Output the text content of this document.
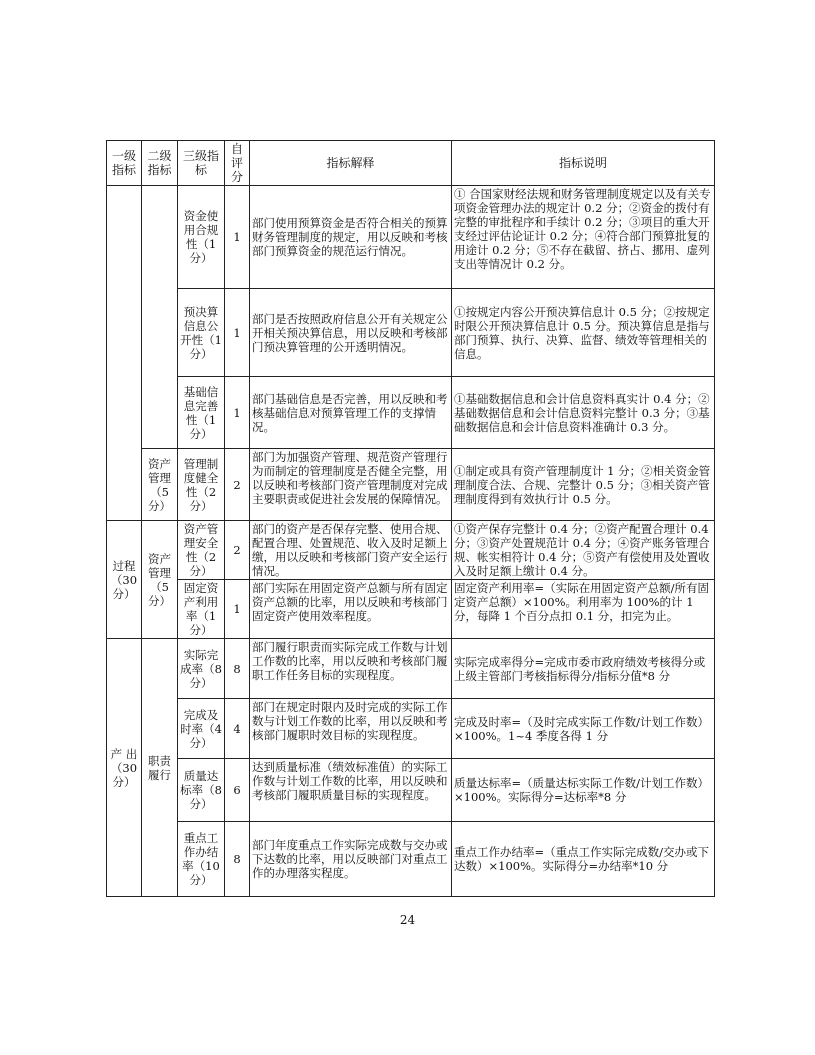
一级指标	二级指标	三级指标	自评分	指标解释	指标说明
		资金使用合规性（1分）	1	部门使用预算资金是否符合相关的预算财务管理制度的规定，用以反映和考核部门预算资金的规范运行情况。	① 合国家财经法规和财务管理制度规定以及有关专项资金管理办法的规定计 0.2 分；②资金的拨付有完整的审批程序和手续计 0.2 分；③项目的重大开支经过评估论证计 0.2 分；④符合部门预算批复的用途计 0.2 分；⑤不存在截留、挤占、挪用、虚列支出等情况计 0.2 分。
		预决算信息公开性（1分）	1	部门是否按照政府信息公开有关规定公开相关预决算信息，用以反映和考核部门预决算管理的公开透明情况。	①按规定内容公开预决算信息计 0.5 分；②按规定时限公开预决算信息计 0.5 分。预决算信息是指与部门预算、执行、决算、监督、绩效等管理相关的信息。
		基础信息完善性（1分）	1	部门基础信息是否完善，用以反映和考核基础信息对预算管理工作的支撑情况。	①基础数据信息和会计信息资料真实计 0.4 分；②基础数据信息和会计信息资料完整计 0.3 分；③基础数据信息和会计信息资料准确计 0.3 分。
	资产管理（5分）	管理制度健全性（2分）	2	部门为加强资产管理、规范资产管理行为而制定的管理制度是否健全完整，用以反映和考核部门资产管理制度对完成主要职责或促进社会发展的保障情况。	①制定或具有资产管理制度计 1 分；②相关资金管理制度合法、合规、完整计 0.5 分；③相关资产管理制度得到有效执行计 0.5 分。
过程（30分）	资产管理（5分）	资产管理安全性（2分）	2	部门的资产是否保存完整、使用合规、配置合理、处置规范、收入及时足额上缴，用以反映和考核部门资产安全运行情况。	①资产保存完整计 0.4 分；②资产配置合理计 0.4 分；③资产处置规范计 0.4 分；④资产账务管理合规、帐实相符计 0.4 分；⑤资产有偿使用及处置收入及时足额上缴计 0.4 分。
		固定资产利用率（1分）	1	部门实际在用固定资产总额与所有固定资产总额的比率，用以反映和考核部门固定资产使用效率程度。	固定资产利用率=（实际在用固定资产总额/所有固定资产总额）×100%。利用率为 100%的计 1 分，每降 1 个百分点扣 0.1 分，扣完为止。
产 出（30分）	职责履行	实际完成率（8分）	8	部门履行职责而实际完成工作数与计划工作数的比率，用以反映和考核部门履职工作任务目标的实现程度。	实际完成率得分=完成市委市政府绩效考核得分或上级主管部门考核指标得分/指标分值*8 分
		完成及时率（4分）	4	部门在规定时限内及时完成的实际工作数与计划工作数的比率，用以反映和考核部门履职时效目标的实现程度。	完成及时率=（及时完成实际工作数/计划工作数）×100%。1~4 季度各得 1 分
		质量达标率（8分）	6	达到质量标准（绩效标准值）的实际工作数与计划工作数的比率，用以反映和考核部门履职质量目标的实现程度。	质量达标率=（质量达标实际工作数/计划工作数）×100%。实际得分=达标率*8 分
		重点工作办结率（10分）	8	部门年度重点工作实际完成数与交办或下达数的比率，用以反映部门对重点工作的办理落实程度。	重点工作办结率=（重点工作实际完成数/交办或下达数）×100%。实际得分=办结率*10 分
24
